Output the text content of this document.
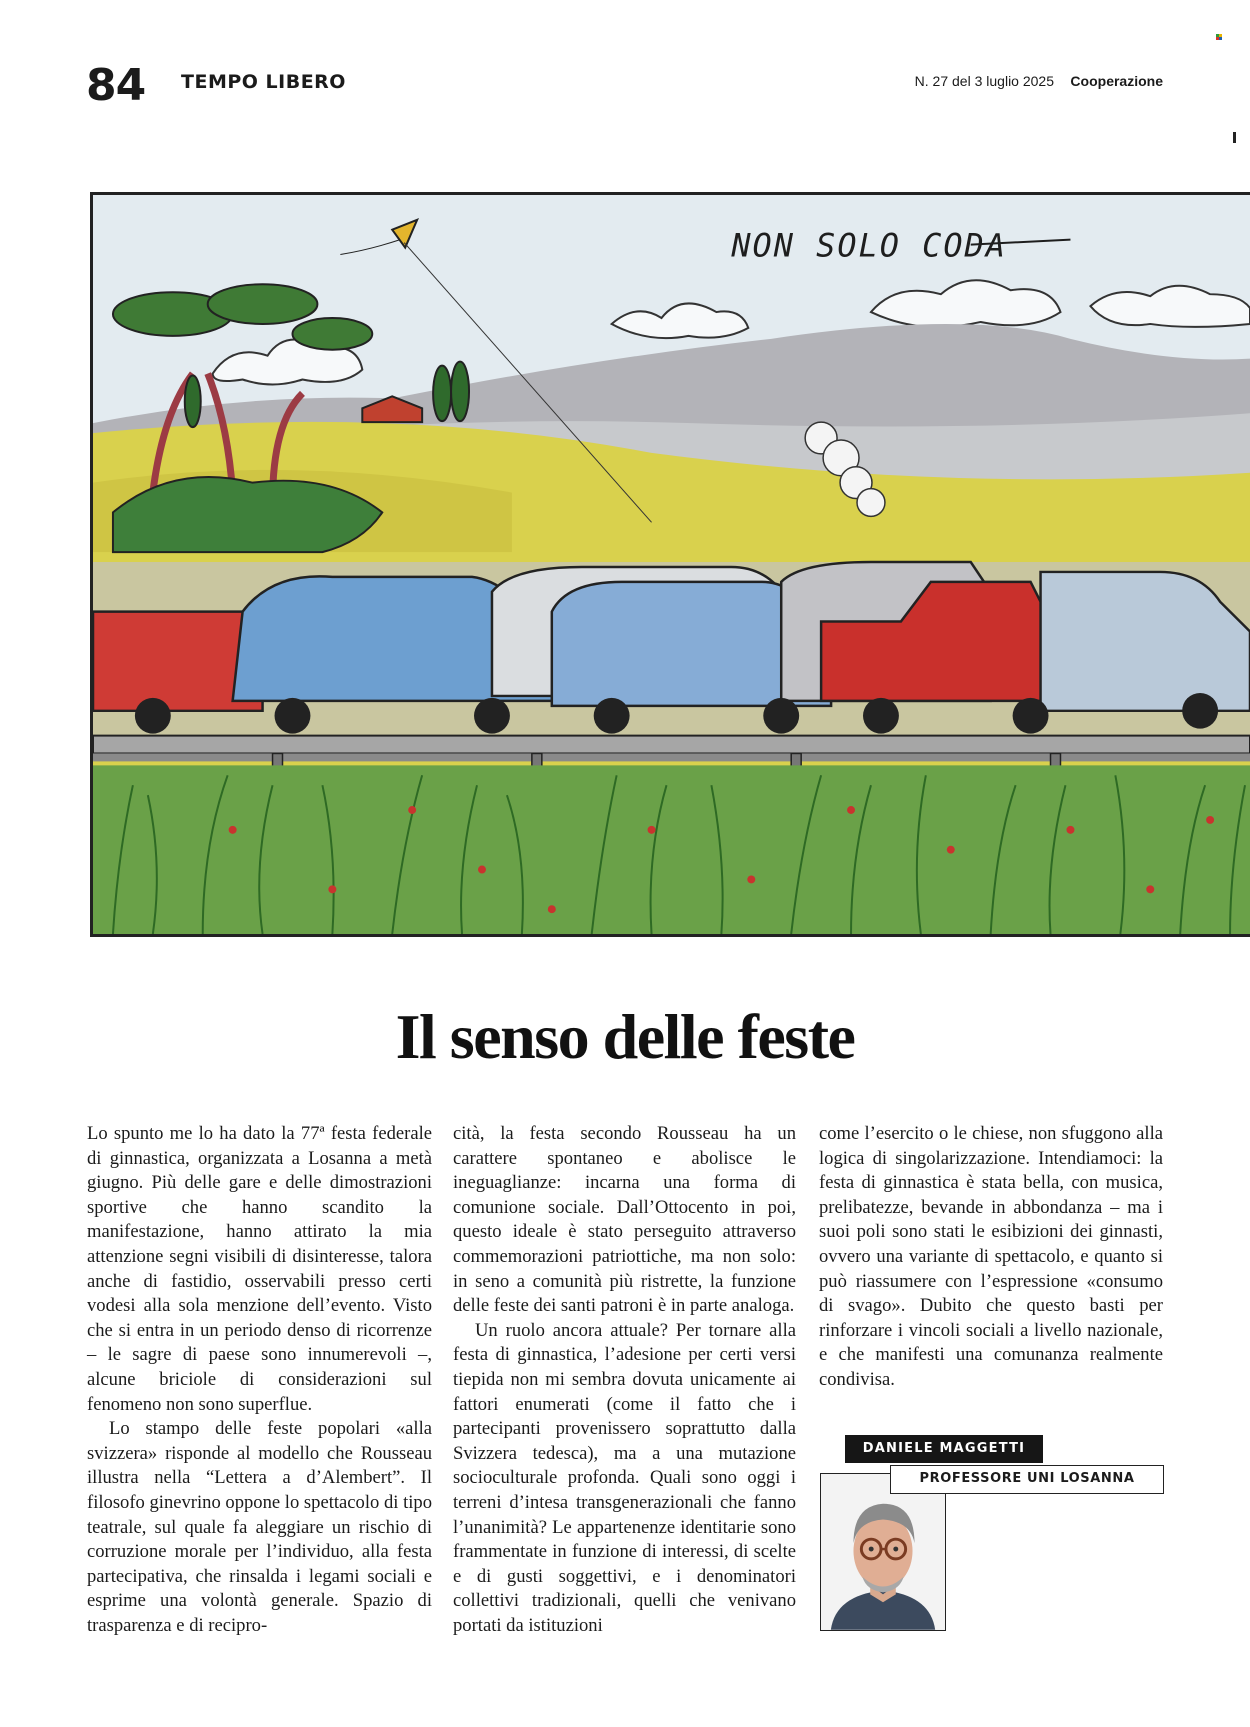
84 TEMPO LIBERO	N. 27 del 3 luglio 2025 Cooperazione
NON SOLO CODA
Il senso delle feste

Lo spunto me lo ha dato la 77ª festa federale di ginnastica, organizzata a Losanna a metà giugno. Più delle gare e delle dimostrazioni sportive che hanno scandito la manifestazione, hanno attirato la mia attenzione segni visibili di disinteresse, talora anche di fastidio, osservabili presso certi vodesi alla sola menzione dell’evento. Visto che si entra in un periodo denso di ricorrenze – le sagre di paese sono innumerevoli –, alcune briciole di considerazioni sul fenomeno non sono superflue.

Lo stampo delle feste popolari «alla svizzera» risponde al modello che Rousseau illustra nella “Lettera a d’Alembert”. Il filosofo ginevrino oppone lo spettacolo di tipo teatrale, sul quale fa aleggiare un rischio di corruzione morale per l’individuo, alla festa partecipativa, che rinsalda i legami sociali e esprime una volontà generale. Spazio di trasparenza e di recipro-

cità, la festa secondo Rousseau ha un carattere spontaneo e abolisce le ineguaglianze: incarna una forma di comunione sociale. Dall’Ottocento in poi, questo ideale è stato perseguito attraverso commemorazioni patriottiche, ma non solo: in seno a comunità più ristrette, la funzione delle feste dei santi patroni è in parte analoga.

Un ruolo ancora attuale? Per tornare alla festa di ginnastica, l’adesione per certi versi tiepida non mi sembra dovuta unicamente ai fattori enumerati (come il fatto che i partecipanti provenissero soprattutto dalla Svizzera tedesca), ma a una mutazione socioculturale profonda. Quali sono oggi i terreni d’intesa transgenerazionali che fanno l’unanimità? Le appartenenze identitarie sono frammentate in funzione di interessi, di scelte e di gusti soggettivi, e i denominatori collettivi tradizionali, quelli che venivano portati da istituzioni

come l’esercito o le chiese, non sfuggono alla logica di singolarizzazione. Intendiamoci: la festa di ginnastica è stata bella, con musica, prelibatezze, bevande in abbondanza – ma i suoi poli sono stati le esibizioni dei ginnasti, ovvero una variante di spettacolo, e quanto si può riassumere con l’espressione «consumo di svago». Dubito che questo basti per rinforzare i vincoli sociali a livello nazionale, e che manifesti una comunanza realmente condivisa.

DANIELE MAGGETTI
PROFESSORE UNI LOSANNA
